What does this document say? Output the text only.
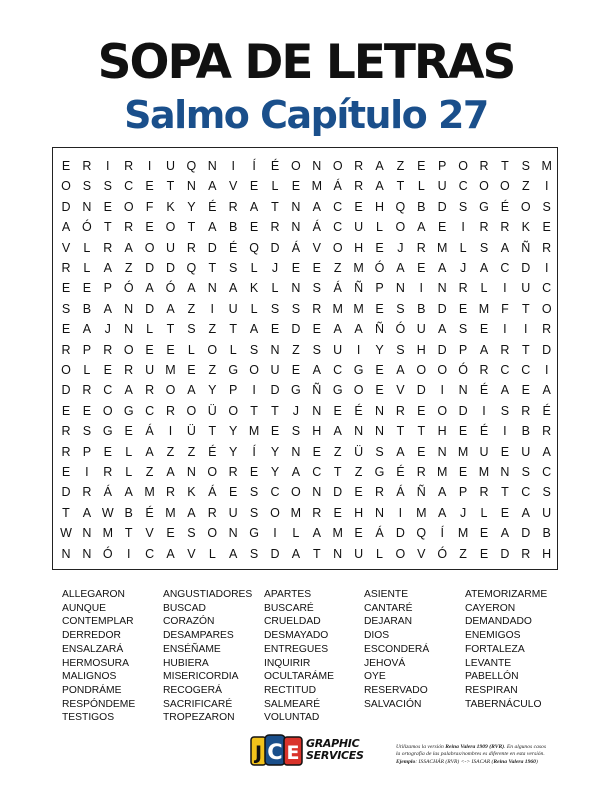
SOPA DE LETRAS
Salmo Capítulo 27
E R	I	R	I	U Q N	I	Í	É O N O R A	Z	E	P O R	T	S M
O S	S C E	T	N A	V	E	L	E M Á R A	T	L	U C O O Z	I
D N E O F	K	Y	É R A	T	N A C E H Q B D S G É O S
A Ó T	R E O T	A	B	E R N Á C U	L	O A	E	I	R R K	E
V	L	R A O U R D É Q D Á	V O H E	J	R M L	S	A Ñ R
R	L	A	Z	D D Q T	S	L	J	E	E	Z M Ó A	E	A	J	A C D	I
E	E	P Ó A Ó A N A	K	L	N S	Á Ñ P N	I	N R	L	I	U C
S	B	A N D A	Z	I	U	L	S	S R M M E	S	B D E M F	T O
E	A	J	N	L	T	S	Z	T	A	E D E	A	A Ñ Ó U A	S	E	I	I	R
R P R O E	E	L	O	L	S N	Z	S U	I	Y	S H D P	A R	T	D
O	L	E R U M E	Z G O U E	A C G E	A O O Ó R C C	I
D R C A R O A	Y	P	I	D G Ñ G O E	V D	I	N É	A	E	A
E	E O G C R O Ü O T	T	J	N E	É N R E O D	I	S R É
R S G E	Á	I	Ü	T	Y M E	S H A N N	T	T	H E	É	I	B R
R P	E	L	A	Z	Z	É	Y	Í	Y N E	Z	Ü S	A	E N M U E U A
E	I	R	L	Z	A N O R E	Y	A C	T	Z G É R M E M N S C
D R Á	A M R K	Á	E	S C O N D E R Á Ñ A	P R	T	C S
T	A W B	É M A R U S O M R E H N	I	M A	J	L	E	A U
W N M T	V	E	S O N G	I	L	A M E	Á D Q	Í	M E	A D B
N N Ó	I	C A	V	L	A	S D A	T	N U	L	O V Ó Z	E D R H
ALLEGARON
AUNQUE
CONTEMPLAR
DERREDOR
ENSALZARÁ
HERMOSURA
MALIGNOS
PONDRÁME
RESPÓNDEME
TESTIGOS
ANGUSTIADORES
BUSCAD
CORAZÓN
DESAMPARES
ENSÉÑAME
HUBIERA
MISERICORDIA
RECOGERÁ
SACRIFICARÉ
TROPEZARON
APARTES
BUSCARÉ
CRUELDAD
DESMAYADO
ENTREGUES
INQUIRIR
OCULTARÁME
RECTITUD
SALMEARÉ
VOLUNTAD
ASIENTE
CANTARÉ
DEJARAN
DIOS
ESCONDERÁ
JEHOVÁ
OYE
RESERVADO
SALVACIÓN
ATEMORIZARME
CAYERON
DEMANDADO
ENEMIGOS
FORTALEZA
LEVANTE
PABELLÓN
RESPIRAN
TABERNÁCULO
J C E GRAPHIC
SERVICES
Utilizamos la versión Reina Valera 1909 (RVR). En algunos casos
la ortografía de las palabras/nombres es diferente en esta versión.
Ejemplo: ISSACHÁR (RVR) <-> ISACAR (Reina Valera 1960)
